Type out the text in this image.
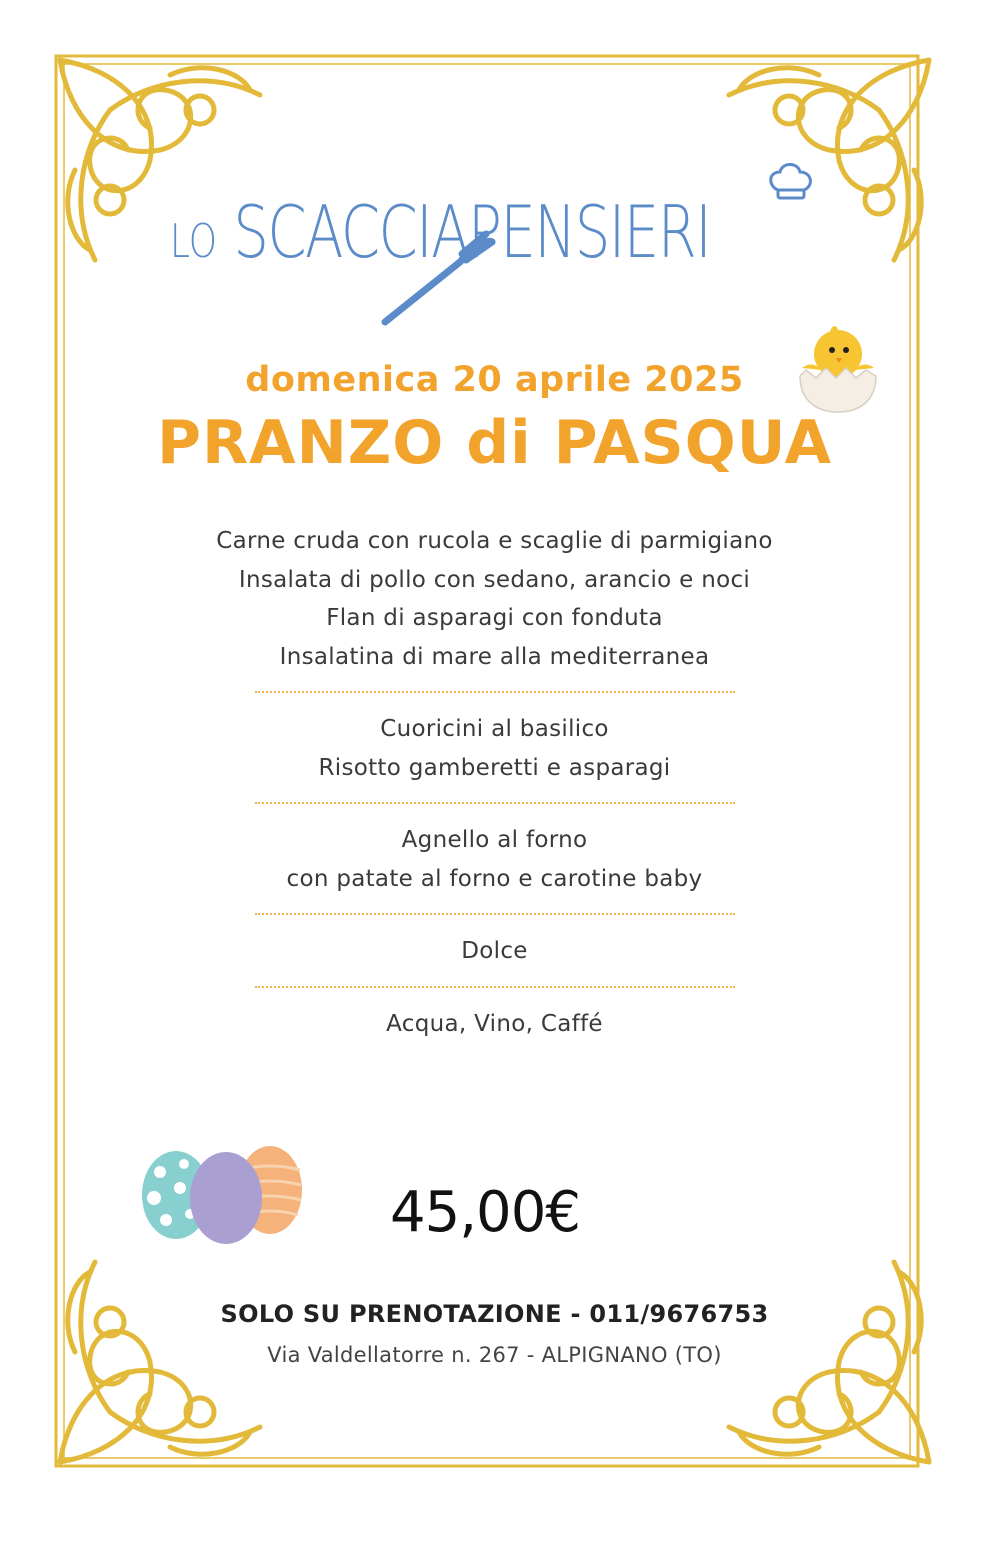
LO SCACCIAPENSIERI
domenica 20 aprile 2025
PRANZO di PASQUA

Carne cruda con rucola e scaglie di parmigiano

Insalata di pollo con sedano, arancio e noci

Flan di asparagi con fonduta

Insalatina di mare alla mediterranea

Cuoricini al basilico

Risotto gamberetti e asparagi

Agnello al forno

con patate al forno e carotine baby

Dolce

Acqua, Vino, Caffé

45,00€
SOLO SU PRENOTAZIONE - 011/9676753
Via Valdellatorre n. 267 - ALPIGNANO (TO)
